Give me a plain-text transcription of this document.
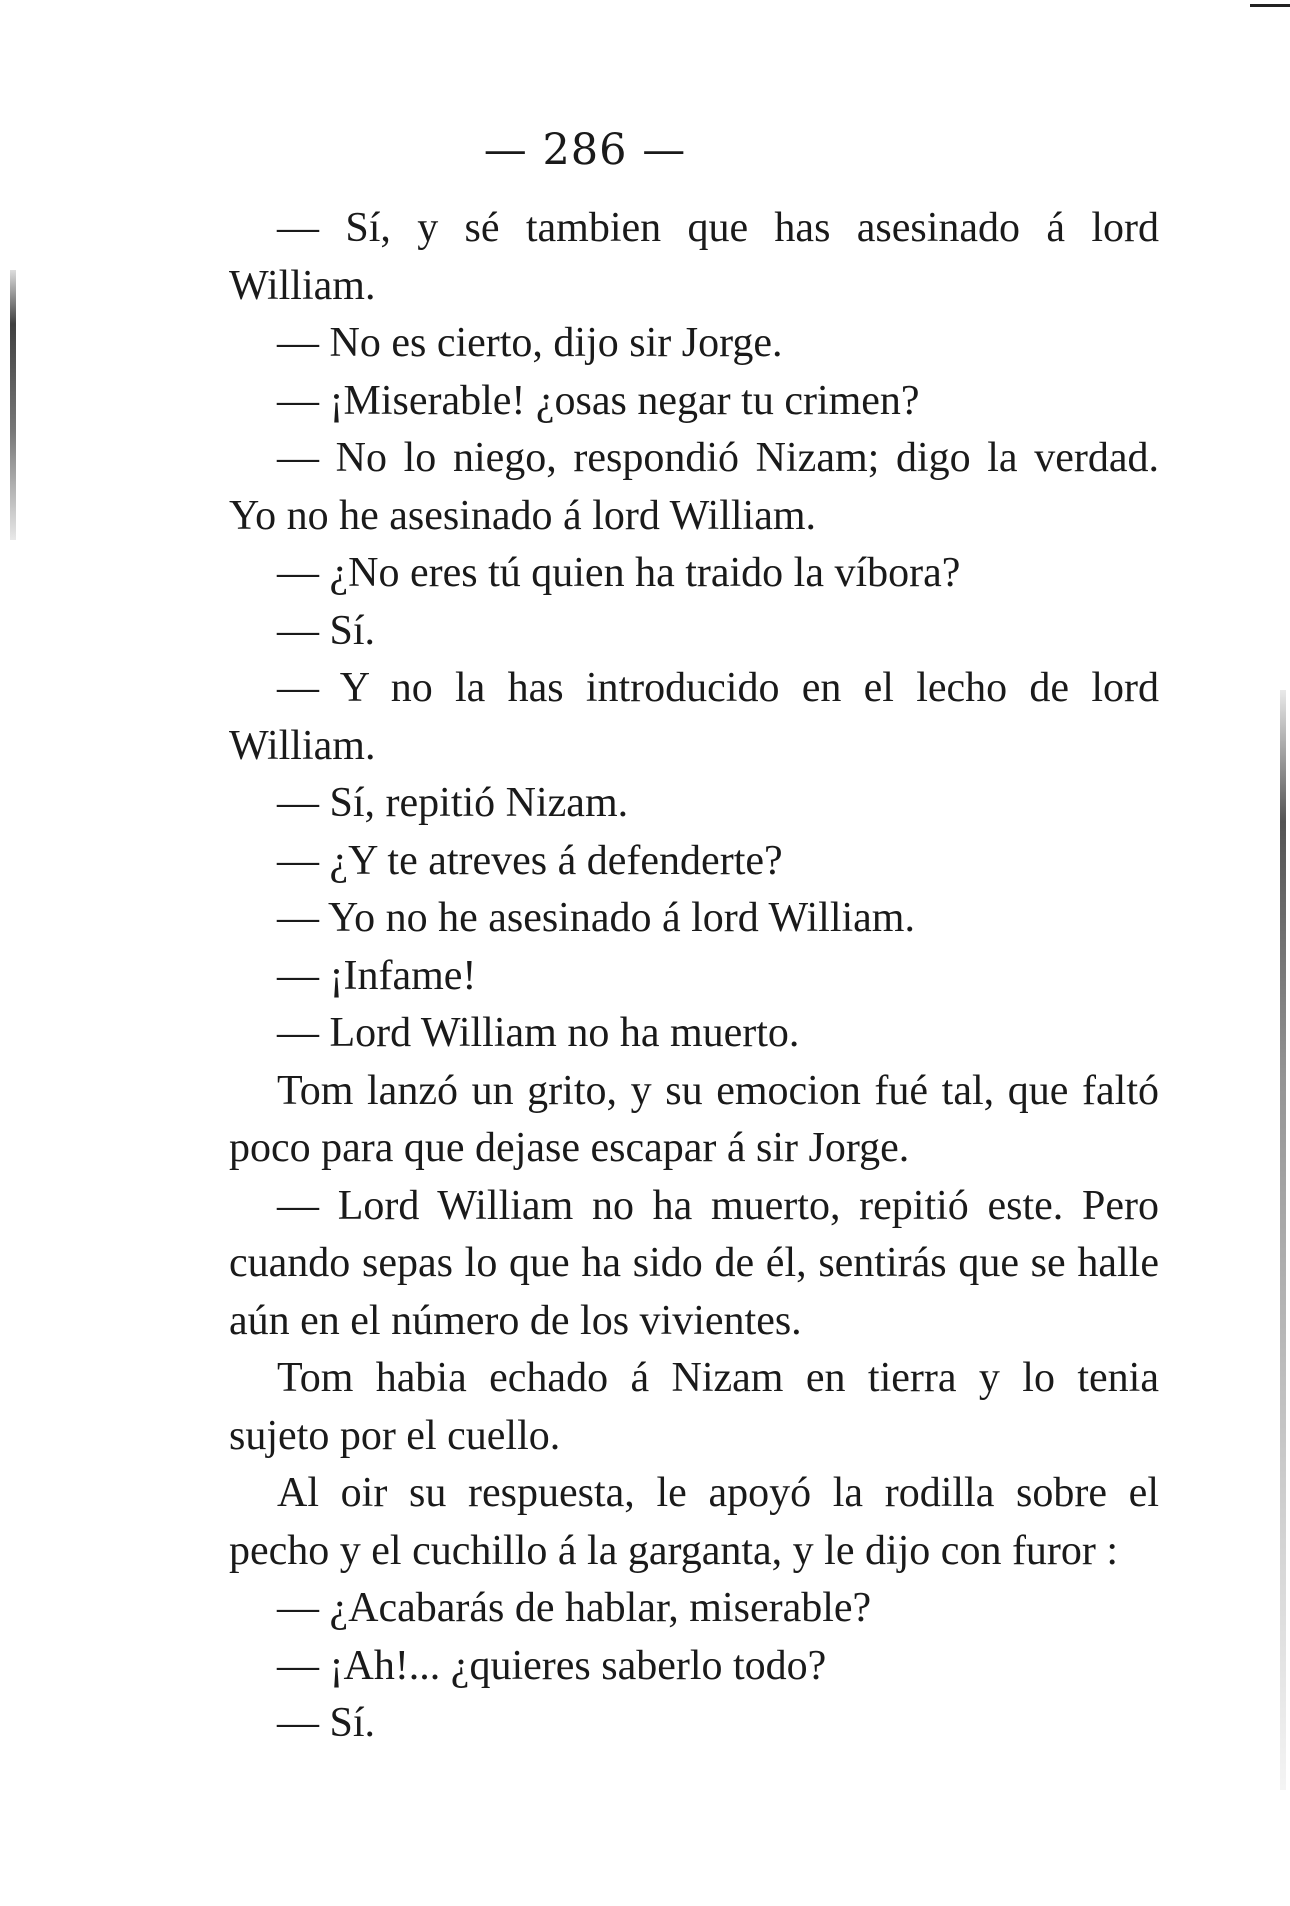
— 286 —

— Sí, y sé tambien que has asesinado á lord William.

— No es cierto, dijo sir Jorge.

— ¡Miserable! ¿osas negar tu crimen?

— No lo niego, respondió Nizam; digo la verdad. Yo no he asesinado á lord William.

— ¿No eres tú quien ha traido la víbora?

— Sí.

— Y no la has introducido en el lecho de lord William.

— Sí, repitió Nizam.

— ¿Y te atreves á defenderte?

— Yo no he asesinado á lord William.

— ¡Infame!

— Lord William no ha muerto.

Tom lanzó un grito, y su emocion fué tal, que faltó poco para que dejase escapar á sir Jorge.

— Lord William no ha muerto, repitió este. Pero cuando sepas lo que ha sido de él, sentirás que se halle aún en el número de los vivientes.

Tom habia echado á Nizam en tierra y lo tenia sujeto por el cuello.

Al oir su respuesta, le apoyó la rodilla sobre el pecho y el cuchillo á la garganta, y le dijo con furor :

— ¿Acabarás de hablar, miserable?

— ¡Ah!... ¿quieres saberlo todo?

— Sí.
